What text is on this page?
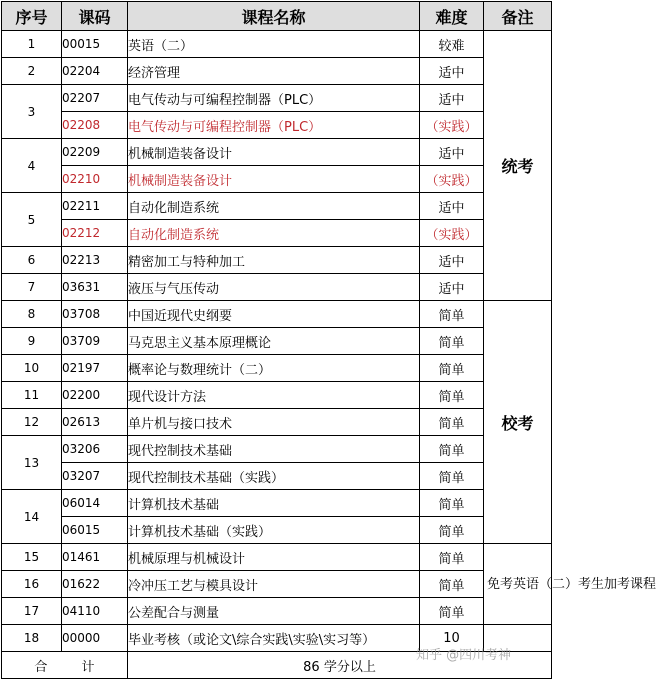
序号	课码	课程名称	难度	备注
1	00015	英语（二）	较难	统考
2	02204	经济管理	适中	
3	02207	电气传动与可编程控制器（PLC）	适中	
	02208	电气传动与可编程控制器（PLC）	（实践）	
4	02209	机械制造装备设计	适中	
	02210	机械制造装备设计	（实践）	
5	02211	自动化制造系统	适中	
	02212	自动化制造系统	（实践）	
6	02213	精密加工与特种加工	适中	
7	03631	液压与气压传动	适中	
8	03708	中国近现代史纲要	简单	校考
9	03709	马克思主义基本原理概论	简单	
10	02197	概率论与数理统计（二）	简单	
11	02200	现代设计方法	简单	
12	02613	单片机与接口技术	简单	
13	03206	现代控制技术基础	简单	
	03207	现代控制技术基础（实践）	简单	
14	06014	计算机技术基础	简单	
	06015	计算机技术基础（实践）	简单	
15	01461	机械原理与机械设计	简单	免考英语（二）考生加考课程
16	01622	冷冲压工艺与模具设计	简单	
17	04110	公差配合与测量	简单	
18	00000	毕业考核（或论文\综合实践\实验\实习等）	10	
合 计		86 学分以上		
知乎 @四川考神
